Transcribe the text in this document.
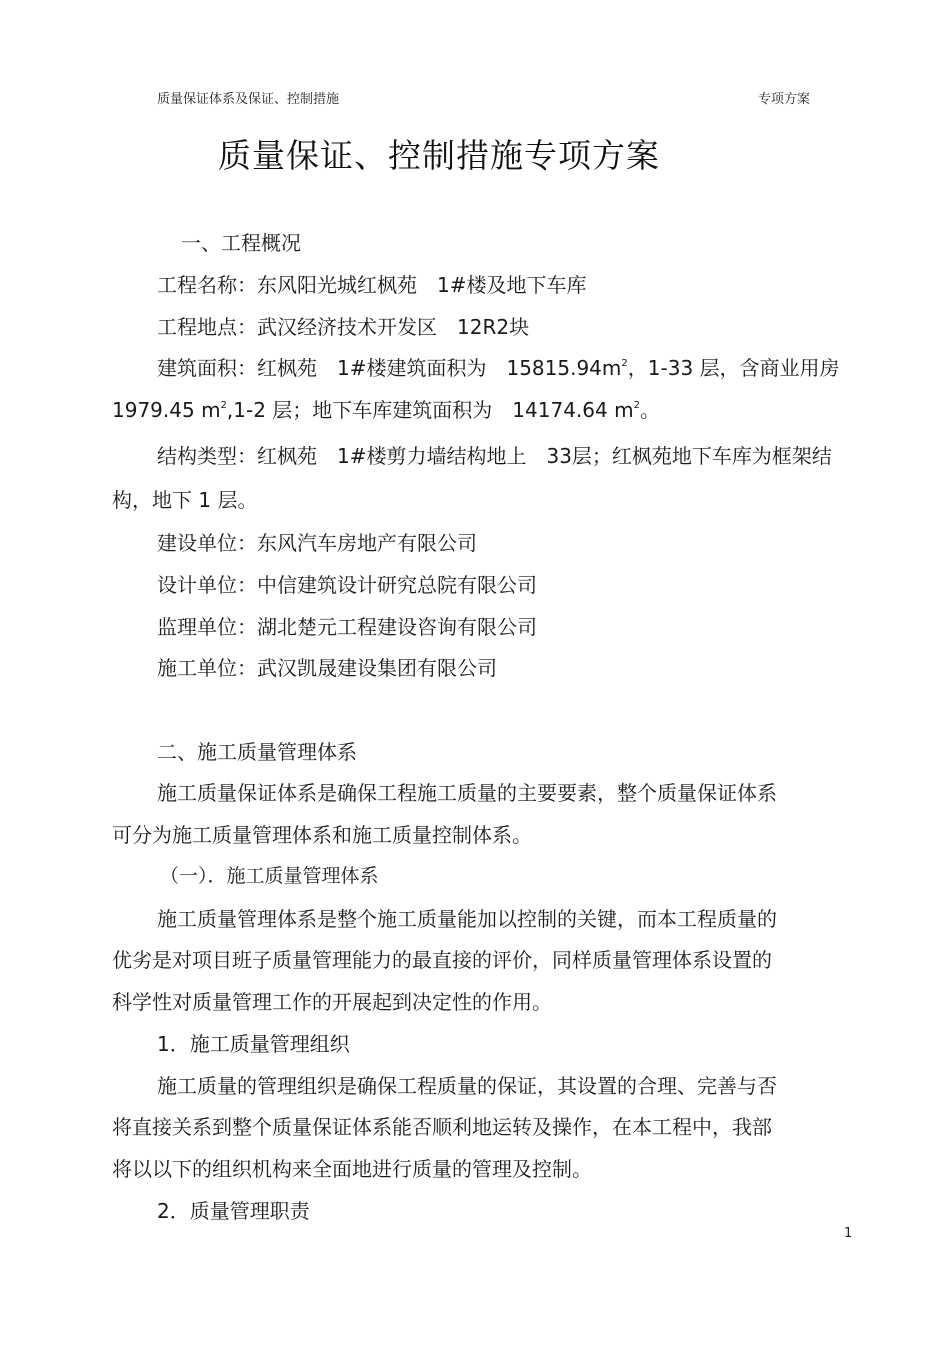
质量保证体系及保证、控制措施	专项方案
质量保证、控制措施专项方案
一、工程概况
工程名称：东风阳光城红枫苑　1#楼及地下车库
工程地点：武汉经济技术开发区　12R2块
建筑面积：红枫苑　1#楼建筑面积为　$15815.94m^2$，1-33 层，含商业用房
1979.45 $m^2,1-2$ 层；地下车库建筑面积为　14174.64 $m^2$。
结构类型：红枫苑　1#楼剪力墙结构地上　33层；红枫苑地下车库为框架结
构，地下 1 层。
建设单位：东风汽车房地产有限公司
设计单位：中信建筑设计研究总院有限公司
监理单位：湖北楚元工程建设咨询有限公司
施工单位：武汉凯晟建设集团有限公司
二、施工质量管理体系
施工质量保证体系是确保工程施工质量的主要要素，整个质量保证体系
可分为施工质量管理体系和施工质量控制体系。
（一）．施工质量管理体系
施工质量管理体系是整个施工质量能加以控制的关键，而本工程质量的
优劣是对项目班子质量管理能力的最直接的评价，同样质量管理体系设置的
科学性对质量管理工作的开展起到决定性的作用。
1．施工质量管理组织
施工质量的管理组织是确保工程质量的保证，其设置的合理、完善与否
将直接关系到整个质量保证体系能否顺利地运转及操作，在本工程中，我部
将以以下的组织机构来全面地进行质量的管理及控制。
2．质量管理职责
1
